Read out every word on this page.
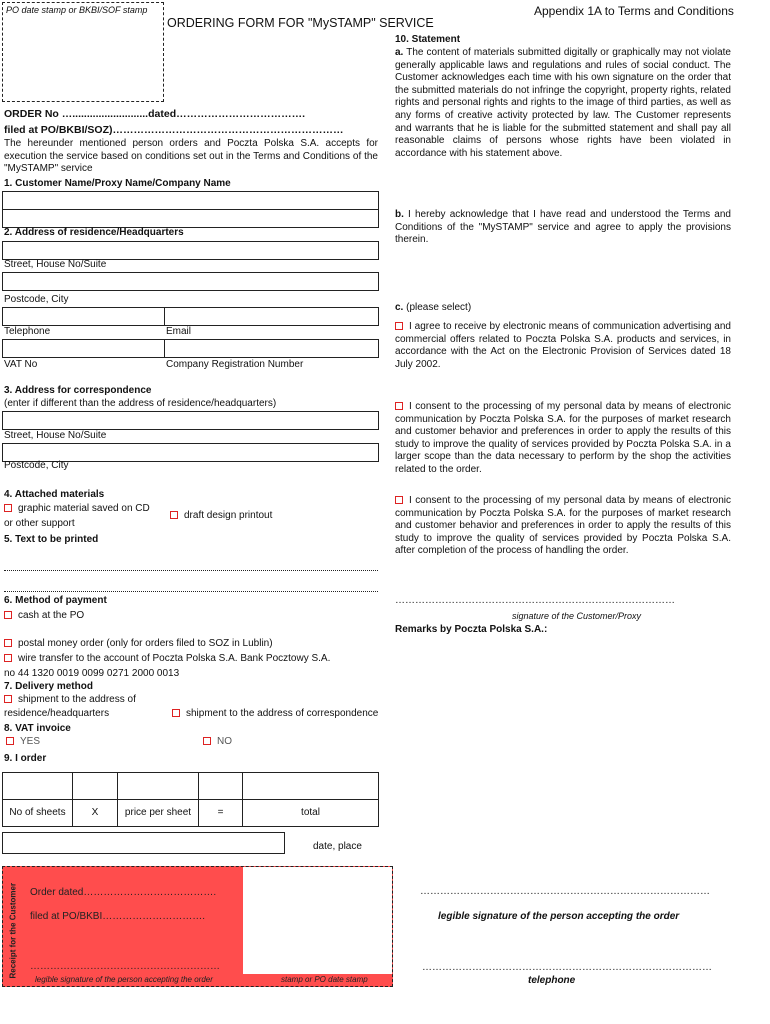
Appendix 1A to Terms and Conditions
PO date stamp or BKBI/SOF stamp
ORDERING FORM FOR "MySTAMP" SERVICE
ORDER No …..........................dated……………………………….
filed at PO/BKBI/SOZ)…………………………………………………………
The hereunder mentioned person orders and Poczta Polska S.A. accepts for execution the service based on conditions set out in the Terms and Conditions of the "MySTAMP" service
1. Customer Name/Proxy Name/Company Name
2. Address of residence/Headquarters
Street, House No/Suite
Postcode, City
Telephone	Email
VAT No	Company Registration Number
3. Address for correspondence
(enter if different than the address of residence/headquarters)
Street, House No/Suite
Postcode, City
4. Attached materials
graphic material saved on CD
or other support
draft design printout
5. Text to be printed
6. Method of payment
cash at the PO
postal money order (only for orders filed to SOZ in Lublin)
wire transfer to the account of Poczta Polska S.A. Bank Pocztowy S.A.
no 44 1320 0019 0099 0271 2000 0013
7. Delivery method
shipment to the address of
residence/headquarters	shipment to the address of correspondence
8. VAT invoice
YES	NO
9. I order
No of sheets	X	price per sheet	=	total
date, place
10. Statement
a. The content of materials submitted digitally or graphically may not violate generally applicable laws and regulations and rules of social conduct. The Customer acknowledges each time with his own signature on the order that the submitted materials do not infringe the copyright, property rights, related rights and personal rights and rights to the image of third parties, as well as any forms of creative activity protected by law. The Customer represents and warrants that he is liable for the submitted statement and shall pay all reasonable claims of persons whose rights have been violated in accordance with his statement above.
b. I hereby acknowledge that I have read and understood the Terms and Conditions of the "MySTAMP" service and agree to apply the provisions therein.
c. (please select)
I agree to receive by electronic means of communication advertising and commercial offers related to Poczta Polska S.A. products and services, in accordance with the Act on the Electronic Provision of Services dated 18 July 2002.
I consent to the processing of my personal data by means of electronic communication by Poczta Polska S.A. for the purposes of market research and customer behavior and preferences in order to apply the results of this study to improve the quality of services provided by Poczta Polska S.A. in a larger scope than the data necessary to perform by the shop the activities related to the order.
I consent to the processing of my personal data by means of electronic communication by Poczta Polska S.A. for the purposes of market research and customer behavior and preferences in order to apply the results of this study to improve the quality of services provided by Poczta Polska S.A. after completion of the process of handling the order.
…………………………………………………………………………
signature of the Customer/Proxy
Remarks by Poczta Polska S.A.:
Receipt for the Customer Order dated………………………………….
filed at PO/BKBI………………………….
…………………………………………………
legible signature of the person accepting the order	stamp or PO date stamp
……………………………………………………………………………
legible signature of the person accepting the order
……………………………………………………………………………
telephone
